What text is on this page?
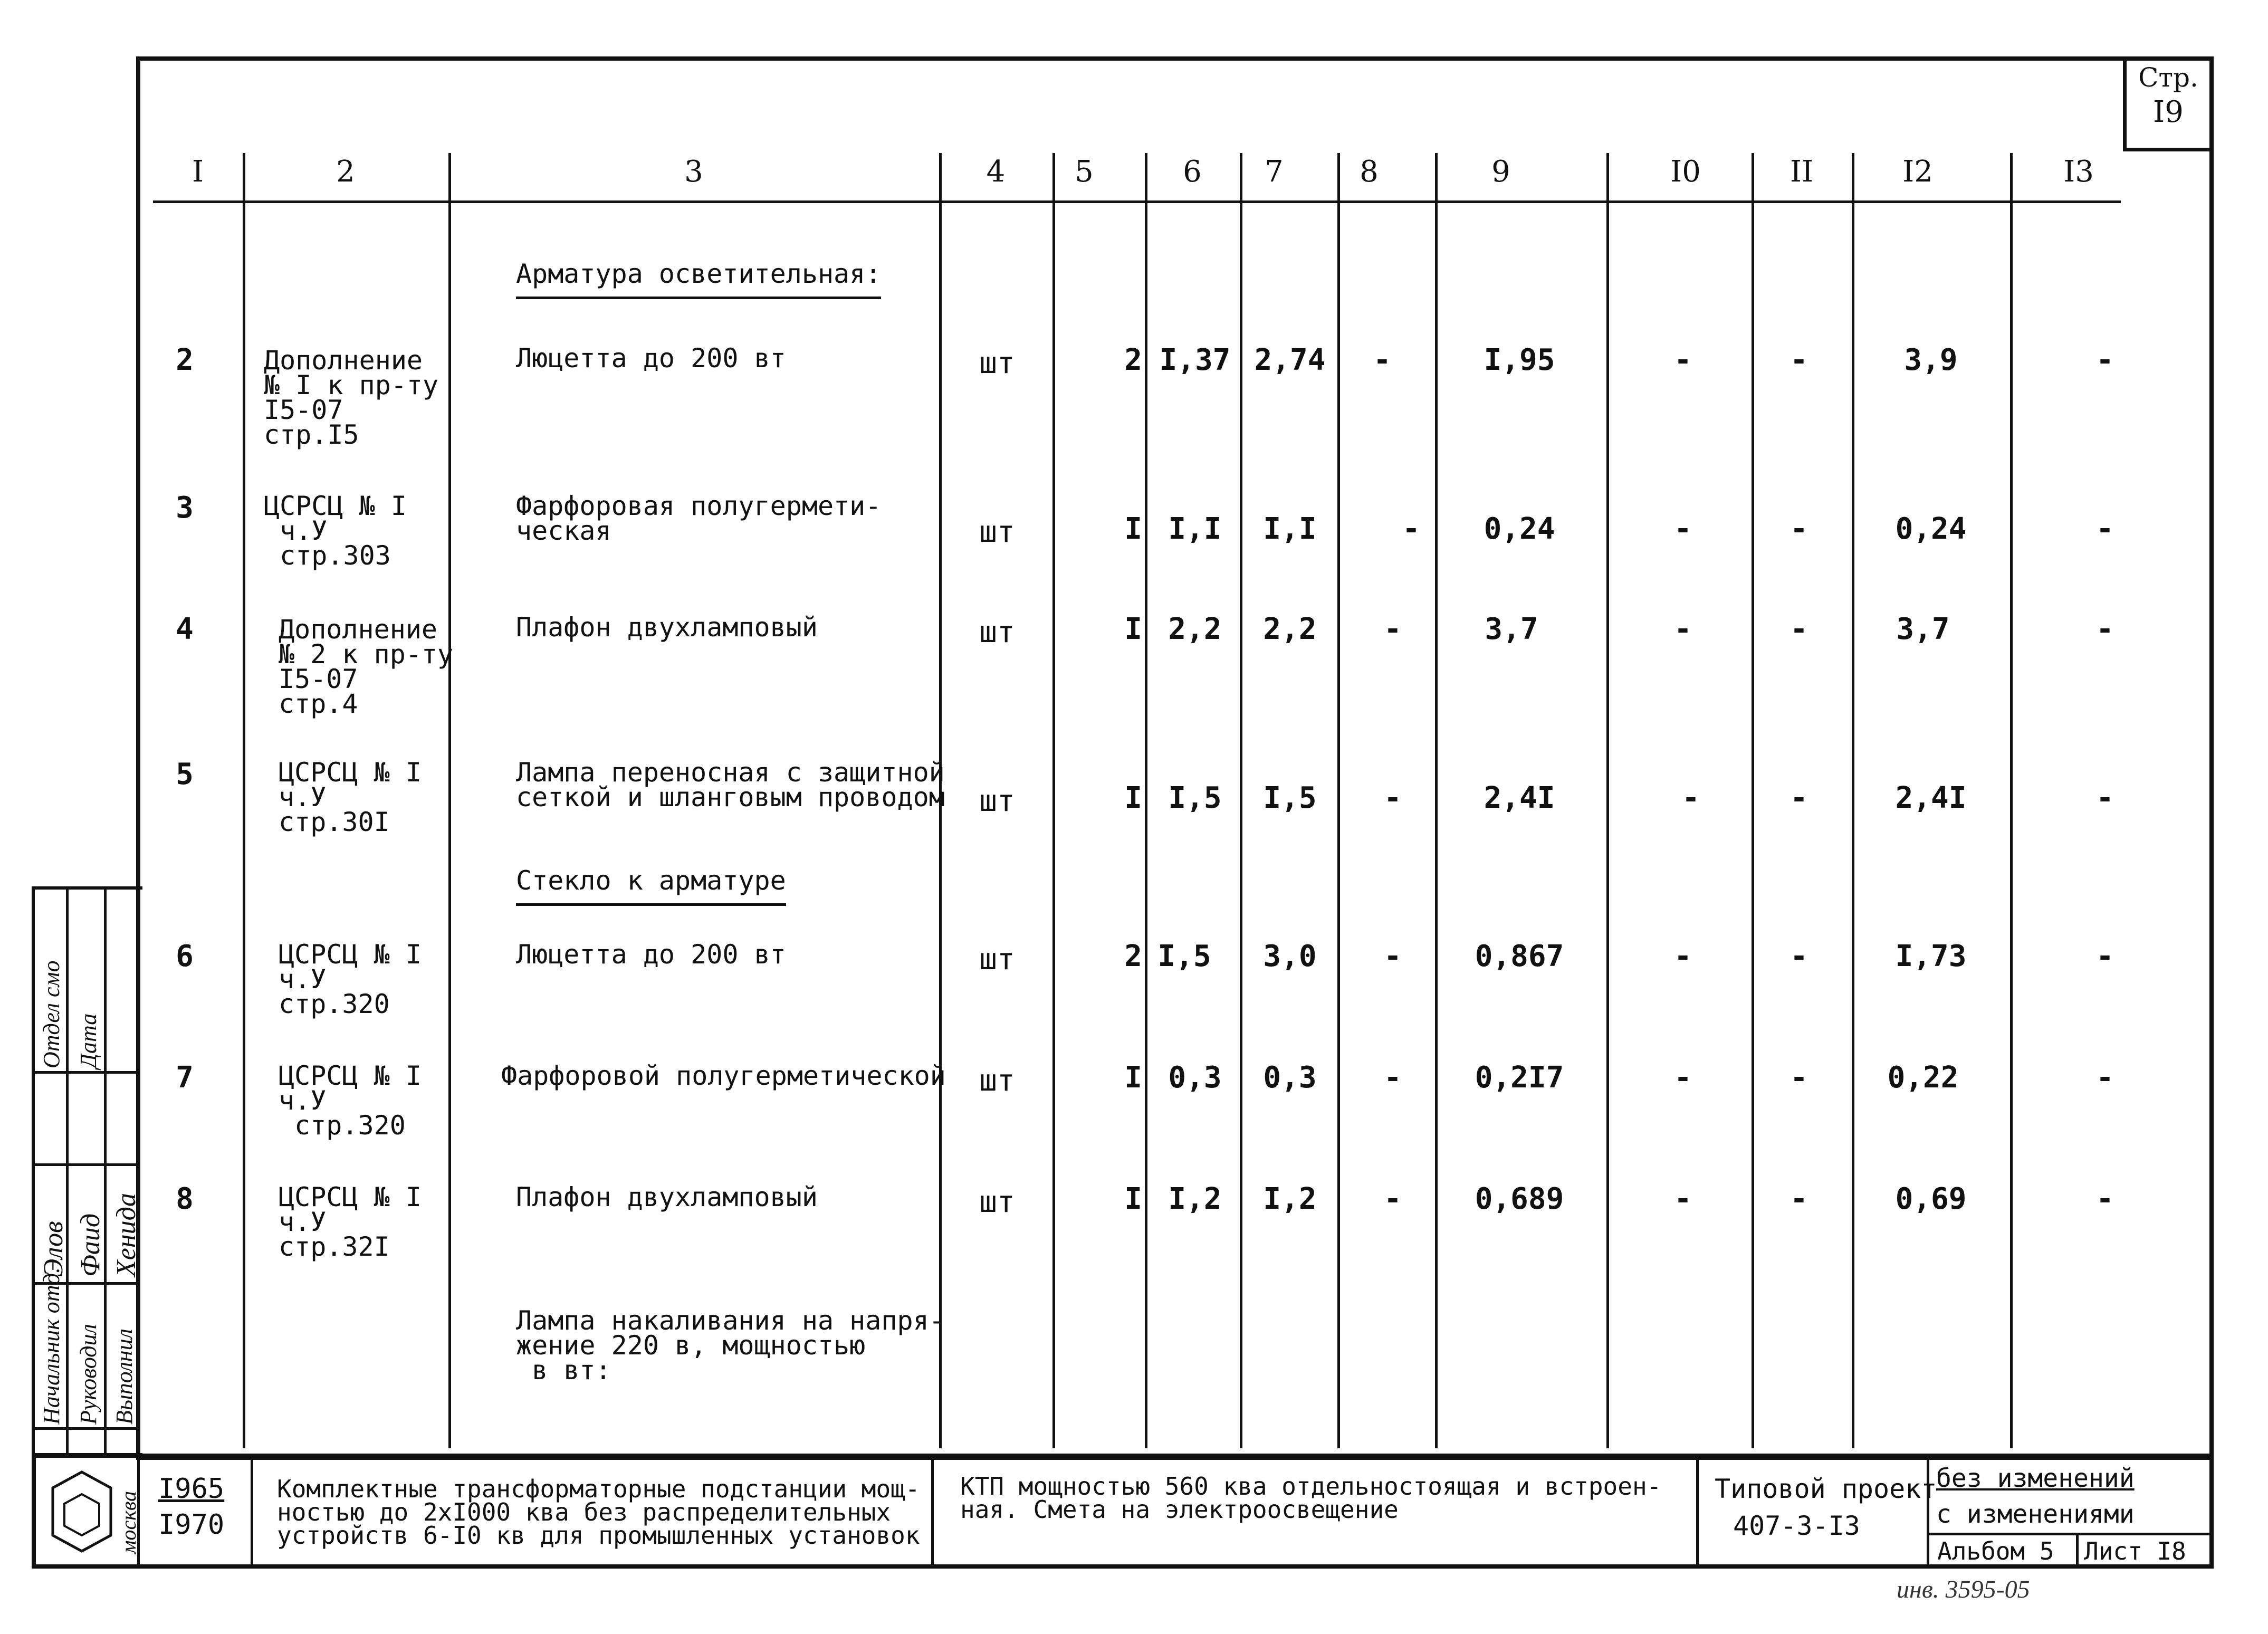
Стр.
I9
I	2	3	4	5	6	7	8	9	I0	II	I2	I3
Арматура осветительная:
Стекло к арматуре
2	Дополнение
№ I к пр-ту
I5-07
стр.I5
Люцетта до 200 вт	шт	2 I,37 2,74 -	I,95	-	-	3,9	-
3	ЦСРСЦ № I
ч.У
стр.303
Фарфоровая полугермети-
ческая	шт	I I,I	I,I	-	0,24	-	-	0,24	-
4	Дополнение
№ 2 к пр-ту
I5-07
стр.4
Плафон двухламповый	шт	I 2,2	2,2	-	3,7	-	-	3,7	-
5	ЦСРСЦ № I
ч.У
стр.30I
Лампа переносная с защитной
сеткой и шланговым проводом	шт	I I,5	I,5	-	2,4I	-	-	2,4I	-
6	ЦСРСЦ № I
ч.У
стр.320
Люцетта до 200 вт	шт	2 I,5	3,0	- 0,867	-	-	I,73	-
7	ЦСРСЦ № I
ч.У
стр.320
Фарфоровой полугерметической	шт	I 0,3	0,3	- 0,2I7	-	-	0,22	-
8	ЦСРСЦ № I
ч.У
стр.32I
Плафон двухламповый	шт	I I,2	I,2	- 0,689	-	-	0,69	-
Лампа накаливания на напря-
жение 220 в, мощностью
в вт:
москва
I965
I970
Комплектные трансформаторные подстанции мощ-
ностью до 2хI000 ква без распределительных
устройств 6-I0 кв для промышленных установок
КТП мощностью 560 ква отдельностоящая и встроен-
ная. Смета на электроосвещение
Типовой проект
407-3-I3
без изменений
с изменениями
Альбом 5 Лист I8
инв. 3595-05
Отдел смо Дата
Начальник отд. Руководил Выполнил
Элов Фаид Хенида
